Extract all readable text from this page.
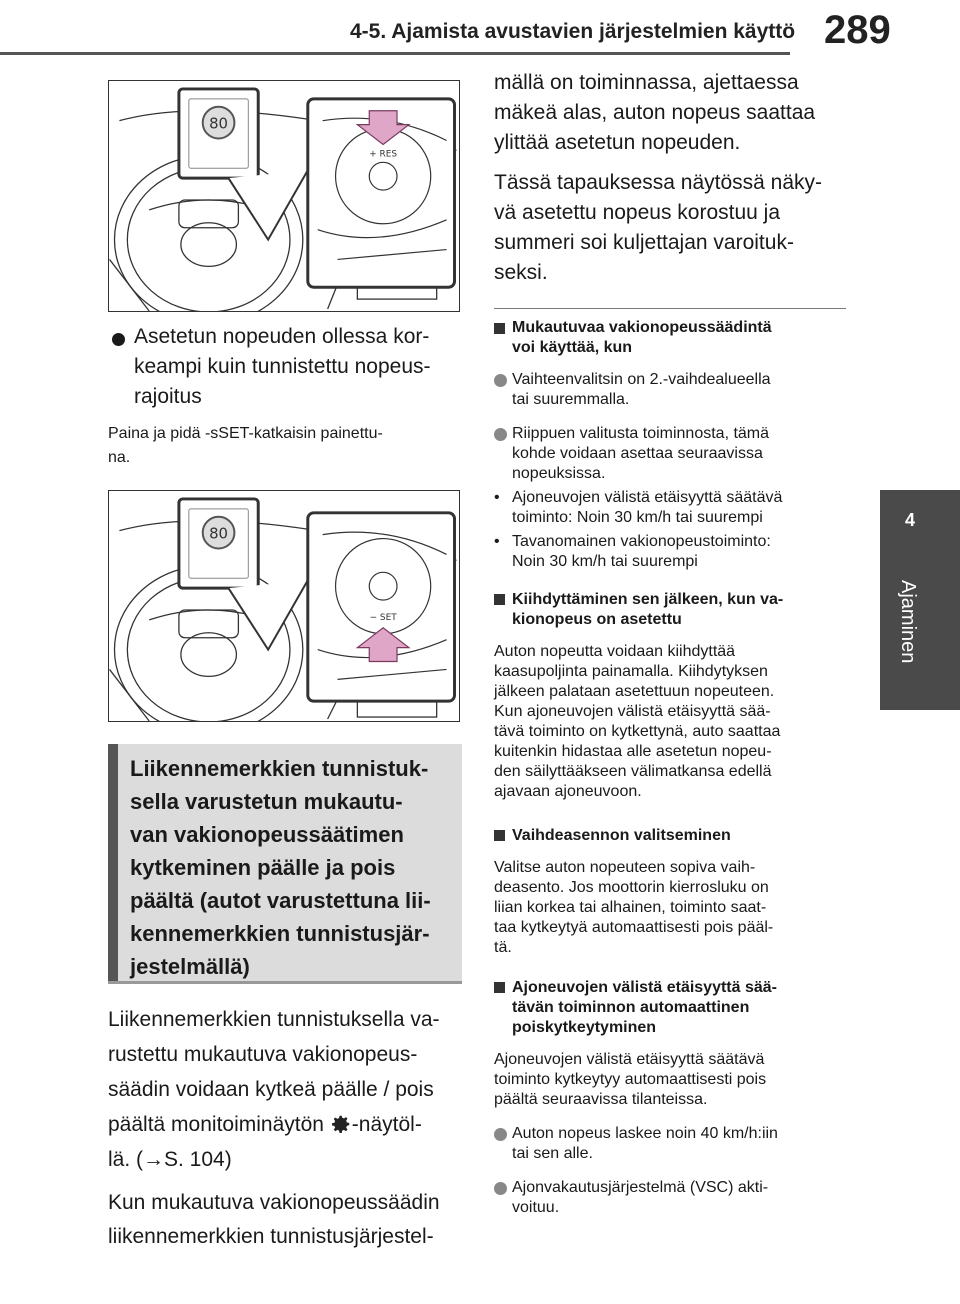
4-5. Ajamista avustavien järjestelmien käyttö 289
4
Ajaminen
80
+ RES
Asetetun nopeuden ollessa kor-
keampi kuin tunnistettu nopeus-
rajoitus
Paina ja pidä -sSET-katkaisin painettu-
na.
80
− SET
Liikennemerkkien tunnistuk-
sella varustetun mukautu-
van vakionopeussäätimen
kytkeminen päälle ja pois
päältä (autot varustettuna lii-
kennemerkkien tunnistusjär-
jestelmällä)
Liikennemerkkien tunnistuksella va-
rustettu mukautuva vakionopeus-
säädin voidaan kytkeä päälle / pois
päältä monitoiminäytön -näytöl-
lä. (→S. 104)
Kun mukautuva vakionopeussäädin
liikennemerkkien tunnistusjärjestel-
mällä on toiminnassa, ajettaessa
mäkeä alas, auton nopeus saattaa
ylittää asetetun nopeuden.
Tässä tapauksessa näytössä näky-
vä asetettu nopeus korostuu ja
summeri soi kuljettajan varoituk-
seksi.
Mukautuvaa vakionopeussäädintä
voi käyttää, kun
Vaihteenvalitsin on 2.-vaihdealueella
tai suuremmalla.
Riippuen valitusta toiminnosta, tämä
kohde voidaan asettaa seuraavissa
nopeuksissa.
• Ajoneuvojen välistä etäisyyttä säätävä
toiminto: Noin 30 km/h tai suurempi
• Tavanomainen vakionopeustoiminto:
Noin 30 km/h tai suurempi
Kiihdyttäminen sen jälkeen, kun va-
kionopeus on asetettu
Auton nopeutta voidaan kiihdyttää
kaasupoljinta painamalla. Kiihdytyksen
jälkeen palataan asetettuun nopeuteen.
Kun ajoneuvojen välistä etäisyyttä sää-
tävä toiminto on kytkettynä, auto saattaa
kuitenkin hidastaa alle asetetun nopeu-
den säilyttääkseen välimatkansa edellä
ajavaan ajoneuvoon.
Vaihdeasennon valitseminen
Valitse auton nopeuteen sopiva vaih-
deasento. Jos moottorin kierrosluku on
liian korkea tai alhainen, toiminto saat-
taa kytkeytyä automaattisesti pois pääl-
tä.
Ajoneuvojen välistä etäisyyttä sää-
tävän toiminnon automaattinen
poiskytkeytyminen
Ajoneuvojen välistä etäisyyttä säätävä
toiminto kytkeytyy automaattisesti pois
päältä seuraavissa tilanteissa.
Auton nopeus laskee noin 40 km/h:iin
tai sen alle.
Ajonvakautusjärjestelmä (VSC) akti-
voituu.
